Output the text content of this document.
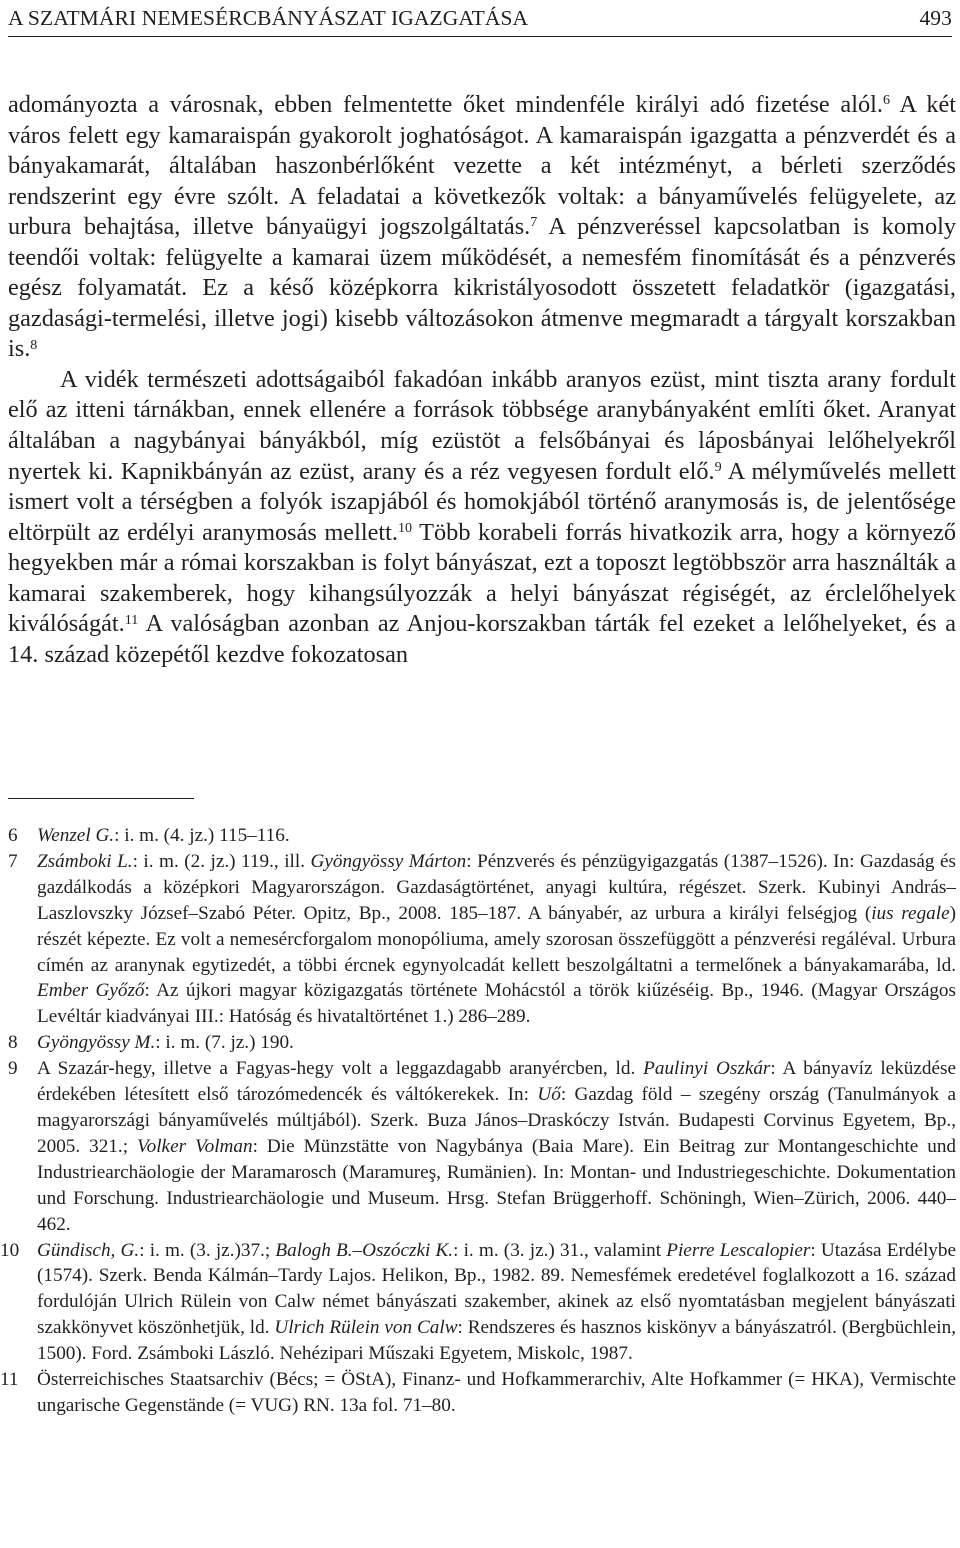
A SZATMÁRI NEMESÉRCBÁNYÁSZAT IGAZGATÁSA	493

adományozta a városnak, ebben felmentette őket mindenféle királyi adó fizetése alól.$^6$ A két város felett egy kamaraispán gyakorolt joghatóságot. A kamaraispán igazgatta a pénzverdét és a bányakamarát, általában haszonbérlőként vezette a két intézményt, a bérleti szerződés rendszerint egy évre szólt. A feladatai a következők voltak: a bányaművelés felügyelete, az urbura behajtása, illetve bányaügyi jogszolgáltatás.$^7$ A pénzveréssel kapcsolatban is komoly teendői voltak: felügyelte a kamarai üzem működését, a nemesfém finomítását és a pénzverés egész folyamatát. Ez a késő középkorra kikristályosodott összetett feladatkör (igazgatási, gazdasági-termelési, illetve jogi) kisebb változásokon átmenve megmaradt a tárgyalt korszakban is.$^8$

A vidék természeti adottságaiból fakadóan inkább aranyos ezüst, mint tiszta arany fordult elő az itteni tárnákban, ennek ellenére a források többsége aranybányaként említi őket. Aranyat általában a nagybányai bányákból, míg ezüstöt a felsőbányai és láposbányai lelőhelyekről nyertek ki. Kapnikbányán az ezüst, arany és a réz vegyesen fordult elő.$^9$ A mélyművelés mellett ismert volt a térségben a folyók iszapjából és homokjából történő aranymosás is, de jelentősége eltörpült az erdélyi aranymosás mellett.$^{10}$ Több korabeli forrás hivatkozik arra, hogy a környező hegyekben már a római korszakban is folyt bányászat, ezt a toposzt legtöbbször arra használták a kamarai szakemberek, hogy kihangsúlyozzák a helyi bányászat régiségét, az érclelőhelyek kiválóságát.$^{11}$ A valóságban azonban az Anjou-korszakban tárták fel ezeket a lelőhelyeket, és a 14. század közepétől kezdve fokozatosan

6	Wenzel G.: i. m. (4. jz.) 115–116.
7	Zsámboki L.: i. m. (2. jz.) 119., ill. Gyöngyössy Márton: Pénzverés és pénzügyigazgatás (1387–1526). In: Gazdaság és gazdálkodás a középkori Magyarországon. Gazdaságtörténet, anyagi kultúra, régészet. Szerk. Kubinyi András–Laszlovszky József–Szabó Péter. Opitz, Bp., 2008. 185–187. A bányabér, az urbura a királyi felségjog (ius regale) részét képezte. Ez volt a nemesércforgalom monopóliuma, amely szorosan összefüggött a pénzverési regáléval. Urbura címén az aranynak egytizedét, a többi ércnek egynyolcadát kellett beszolgáltatni a termelőnek a bányakamarába, ld. Ember Győző: Az újkori magyar közigazgatás története Mohácstól a török kiűzéséig. Bp., 1946. (Magyar Országos Levéltár kiadványai III.: Hatóság és hivataltörténet 1.) 286–289.
8	Gyöngyössy M.: i. m. (7. jz.) 190.
9	A Szazár-hegy, illetve a Fagyas-hegy volt a leggazdagabb aranyércben, ld. Paulinyi Oszkár: A bányavíz leküzdése érdekében létesített első tározómedencék és váltókerekek. In: Uő: Gazdag föld – szegény ország (Tanulmányok a magyarországi bányaművelés múltjából). Szerk. Buza János–Draskóczy István. Budapesti Corvinus Egyetem, Bp., 2005. 321.; Volker Volman: Die Münzstätte von Nagybánya (Baia Mare). Ein Beitrag zur Montangeschichte und Industriearchäologie der Maramarosch (Maramureş, Rumänien). In: Montan- und Industriegeschichte. Dokumentation und Forschung. Industriearchäologie und Museum. Hrsg. Stefan Brüggerhoff. Schöningh, Wien–Zürich, 2006. 440–462.
10 Gündisch, G.: i. m. (3. jz.)37.; Balogh B.–Oszóczki K.: i. m. (3. jz.) 31., valamint Pierre Lescalopier: Utazása Erdélybe (1574). Szerk. Benda Kálmán–Tardy Lajos. Helikon, Bp., 1982. 89. Nemesfémek eredetével foglalkozott a 16. század fordulóján Ulrich Rülein von Calw német bányászati szakember, akinek az első nyomtatásban megjelent bányászati szakkönyvet köszönhetjük, ld. Ulrich Rülein von Calw: Rendszeres és hasznos kiskönyv a bányászatról. (Bergbüchlein, 1500). Ford. Zsámboki László. Nehézipari Műszaki Egyetem, Miskolc, 1987.
11 Österreichisches Staatsarchiv (Bécs; = ÖStA), Finanz- und Hofkammerarchiv, Alte Hofkammer (= HKA), Vermischte ungarische Gegenstände (= VUG) RN. 13a fol. 71–80.
